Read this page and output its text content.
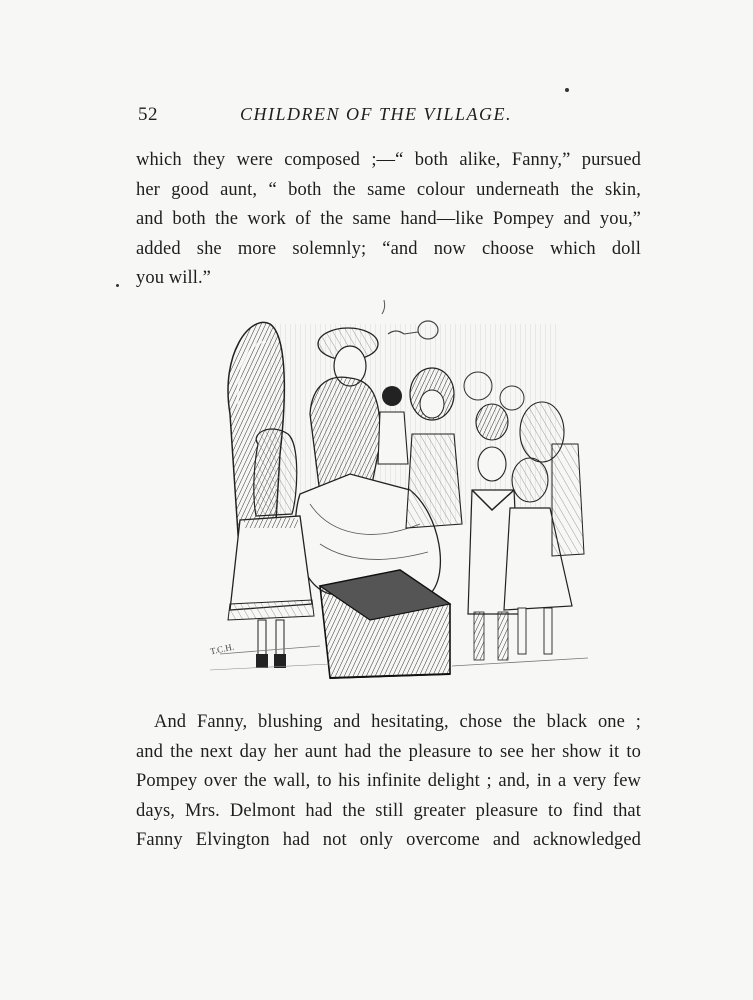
52	CHILDREN OF THE VILLAGE.
which they were composed ;—“ both alike, Fanny,” pursued
her good aunt, “ both the same colour underneath the skin,
and both the work of the same hand—like Pompey and you,”
added she more solemnly; “and now choose which doll
you will.”
T.C.H.
And Fanny, blushing and hesitating, chose the black one ;
and the next day her aunt had the pleasure to see her show it to
Pompey over the wall, to his infinite delight ; and, in a very few
days, Mrs. Delmont had the still greater pleasure to find that
Fanny Elvington had not only overcome and acknowledged
